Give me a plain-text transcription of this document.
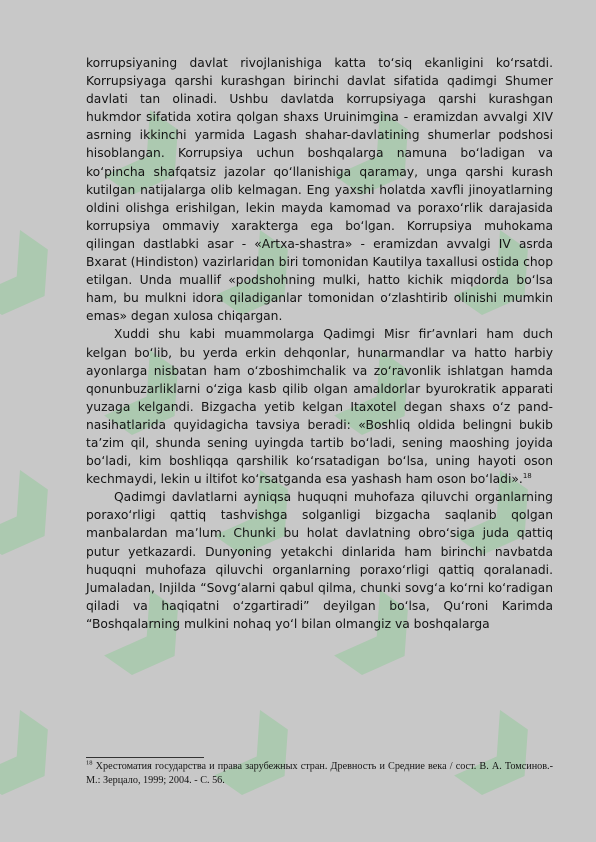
korrupsiyaning davlat rivojlanishiga katta toʻsiq ekanligini koʻrsatdi. Korrupsiyaga qarshi kurashgan birinchi davlat sifatida qadimgi Shumer davlati tan olinadi. Ushbu davlatda korrupsiyaga qarshi kurashgan hukmdor sifatida xotira qolgan shaxs Uruinimgina - eramizdan avvalgi XIV asrning ikkinchi yarmida Lagash shahar-davlatining shumerlar podshosi hisoblangan. Korrupsiya uchun boshqalarga namuna boʻladigan va koʻpincha shafqatsiz jazolar qoʻllanishiga qaramay, unga qarshi kurash kutilgan natijalarga olib kelmagan. Eng yaxshi holatda xavfli jinoyatlarning oldini olishga erishilgan, lekin mayda kamomad va poraxoʻrlik darajasida korrupsiya ommaviy xarakterga ega boʻlgan. Korrupsiya muhokama qilingan dastlabki asar - «Artxa-shastra» - eramizdan avvalgi IV asrda Bxarat (Hindiston) vazirlaridan biri tomonidan Kautilya taxallusi ostida chop etilgan. Unda muallif «podshohning mulki, hatto kichik miqdorda boʻlsa ham, bu mulkni idora qiladiganlar tomonidan oʻzlashtirib olinishi mumkin emas» degan xulosa chiqargan.

Xuddi shu kabi muammolarga Qadimgi Misr firʼavnlari ham duch kelgan boʻlib, bu yerda erkin dehqonlar, hunarmandlar va hatto harbiy ayonlarga nisbatan ham oʻzboshimchalik va zoʻravonlik ishlatgan hamda qonunbuzarliklarni oʻziga kasb qilib olgan amaldorlar byurokratik apparati yuzaga kelgandi. Bizgacha yetib kelgan Itaxotel degan shaxs oʻz pand-nasihatlarida quyidagicha tavsiya beradi: «Boshliq oldida belingni bukib taʼzim qil, shunda sening uyingda tartib boʻladi, sening maoshing joyida boʻladi, kim boshliqqa qarshilik koʻrsatadigan boʻlsa, uning hayoti oson kechmaydi, lekin u iltifot koʻrsatganda esa yashash ham oson boʻladi».$^{18}$

Qadimgi davlatlarni ayniqsa huquqni muhofaza qiluvchi organlarning poraxoʻrligi qattiq tashvishga solganligi bizgacha saqlanib qolgan manbalardan maʼlum. Chunki bu holat davlatning obroʻsiga juda qattiq putur yetkazardi. Dunyoning yetakchi dinlarida ham birinchi navbatda huquqni muhofaza qiluvchi organlarning poraxoʻrligi qattiq qoralanadi. Jumaladan, Injilda “Sovgʻalarni qabul qilma, chunki sovgʻa koʻrni koʻradigan qiladi va haqiqatni oʻzgartiradi” deyilgan boʻlsa, Quʻroni Karimda “Boshqalarning mulkini nohaq yoʻl bilan olmangiz va boshqalarga

$^{18}$ Хрестоматия государства и права зарубежных стран. Древность и Средние века / сост. В. А. Томсинов.- М.: Зерцало, 1999; 2004. - С. 56.
